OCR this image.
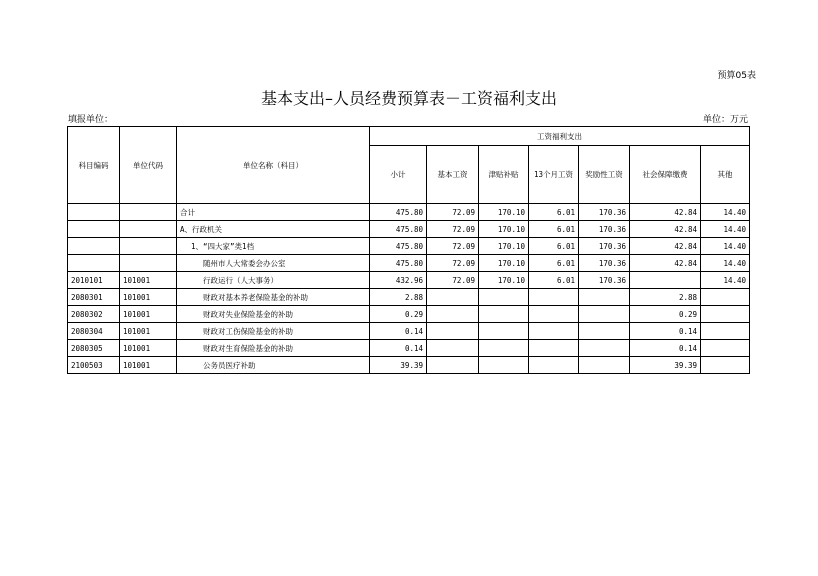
预算05表
基本支出–人员经费预算表－工资福利支出
填报单位：	单位：万元
科目编码	单位代码	单位名称（科目）	工资福利支出						
			小计	基本工资	津贴补贴	13个月工资	奖励性工资	社会保障缴费	其他
		合计	475.80	72.09	170.10	6.01	170.36	42.84	14.40
		A、行政机关	475.80	72.09	170.10	6.01	170.36	42.84	14.40
		1、“四大家”类1档	475.80	72.09	170.10	6.01	170.36	42.84	14.40
		随州市人大常委会办公室	475.80	72.09	170.10	6.01	170.36	42.84	14.40
2010101	101001	行政运行（人大事务）	432.96	72.09	170.10	6.01	170.36		14.40
2080301	101001	财政对基本养老保险基金的补助	2.88					2.88	
2080302	101001	财政对失业保险基金的补助	0.29					0.29	
2080304	101001	财政对工伤保险基金的补助	0.14					0.14	
2080305	101001	财政对生育保险基金的补助	0.14					0.14	
2100503	101001	公务员医疗补助	39.39					39.39	
